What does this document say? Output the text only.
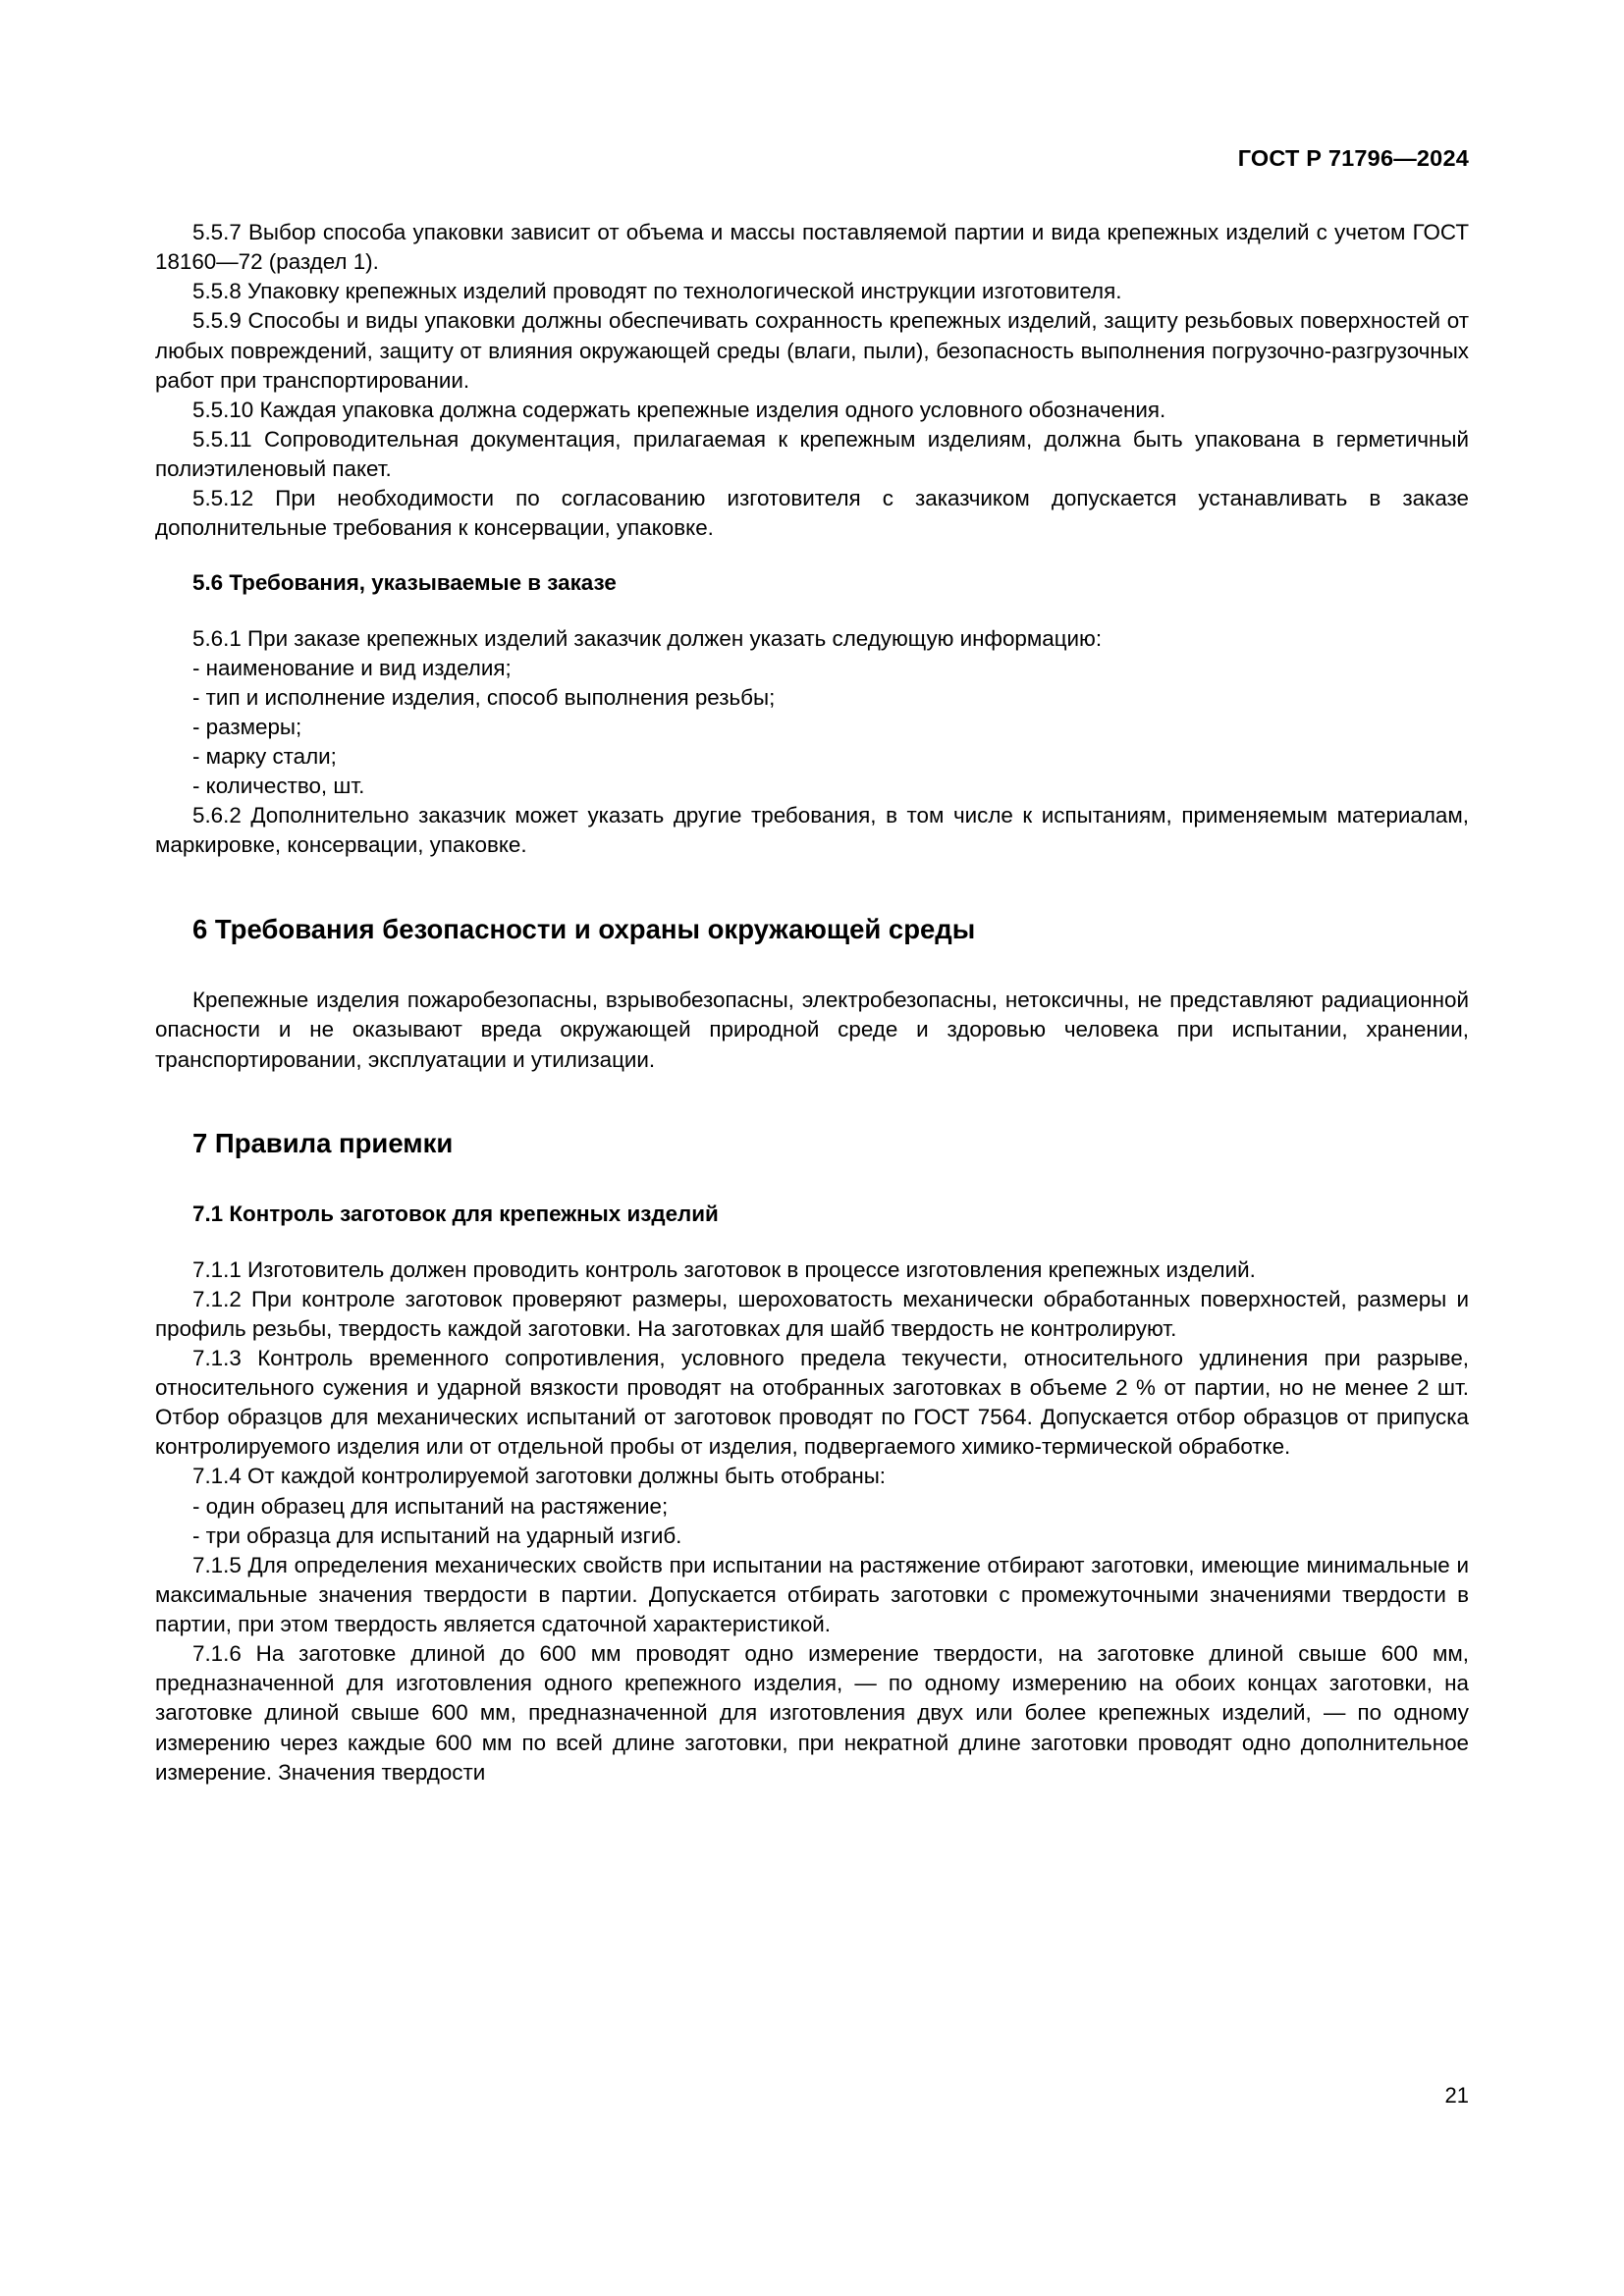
ГОСТ Р 71796—2024

5.5.7 Выбор способа упаковки зависит от объема и массы поставляемой партии и вида крепежных изделий с учетом ГОСТ 18160—72 (раздел 1).

5.5.8 Упаковку крепежных изделий проводят по технологической инструкции изготовителя.

5.5.9 Способы и виды упаковки должны обеспечивать сохранность крепежных изделий, защиту резьбовых поверхностей от любых повреждений, защиту от влияния окружающей среды (влаги, пыли), безопасность выполнения погрузочно-разгрузочных работ при транспортировании.

5.5.10 Каждая упаковка должна содержать крепежные изделия одного условного обозначения.

5.5.11 Сопроводительная документация, прилагаемая к крепежным изделиям, должна быть упакована в герметичный полиэтиленовый пакет.

5.5.12 При необходимости по согласованию изготовителя с заказчиком допускается устанавливать в заказе дополнительные требования к консервации, упаковке.

5.6 Требования, указываемые в заказе

5.6.1 При заказе крепежных изделий заказчик должен указать следующую информацию:

- наименование и вид изделия;

- тип и исполнение изделия, способ выполнения резьбы;

- размеры;

- марку стали;

- количество, шт.

5.6.2 Дополнительно заказчик может указать другие требования, в том числе к испытаниям, применяемым материалам, маркировке, консервации, упаковке.

6 Требования безопасности и охраны окружающей среды

Крепежные изделия пожаробезопасны, взрывобезопасны, электробезопасны, нетоксичны, не представляют радиационной опасности и не оказывают вреда окружающей природной среде и здоровью человека при испытании, хранении, транспортировании, эксплуатации и утилизации.

7 Правила приемки
7.1 Контроль заготовок для крепежных изделий

7.1.1 Изготовитель должен проводить контроль заготовок в процессе изготовления крепежных изделий.

7.1.2 При контроле заготовок проверяют размеры, шероховатость механически обработанных поверхностей, размеры и профиль резьбы, твердость каждой заготовки. На заготовках для шайб твердость не контролируют.

7.1.3 Контроль временного сопротивления, условного предела текучести, относительного удлинения при разрыве, относительного сужения и ударной вязкости проводят на отобранных заготовках в объеме 2 % от партии, но не менее 2 шт. Отбор образцов для механических испытаний от заготовок проводят по ГОСТ 7564. Допускается отбор образцов от припуска контролируемого изделия или от отдельной пробы от изделия, подвергаемого химико-термической обработке.

7.1.4 От каждой контролируемой заготовки должны быть отобраны:

- один образец для испытаний на растяжение;

- три образца для испытаний на ударный изгиб.

7.1.5 Для определения механических свойств при испытании на растяжение отбирают заготовки, имеющие минимальные и максимальные значения твердости в партии. Допускается отбирать заготовки с промежуточными значениями твердости в партии, при этом твердость является сдаточной характеристикой.

7.1.6 На заготовке длиной до 600 мм проводят одно измерение твердости, на заготовке длиной свыше 600 мм, предназначенной для изготовления одного крепежного изделия, — по одному измерению на обоих концах заготовки, на заготовке длиной свыше 600 мм, предназначенной для изготовления двух или более крепежных изделий, — по одному измерению через каждые 600 мм по всей длине заготовки, при некратной длине заготовки проводят одно дополнительное измерение. Значения твердости

21
